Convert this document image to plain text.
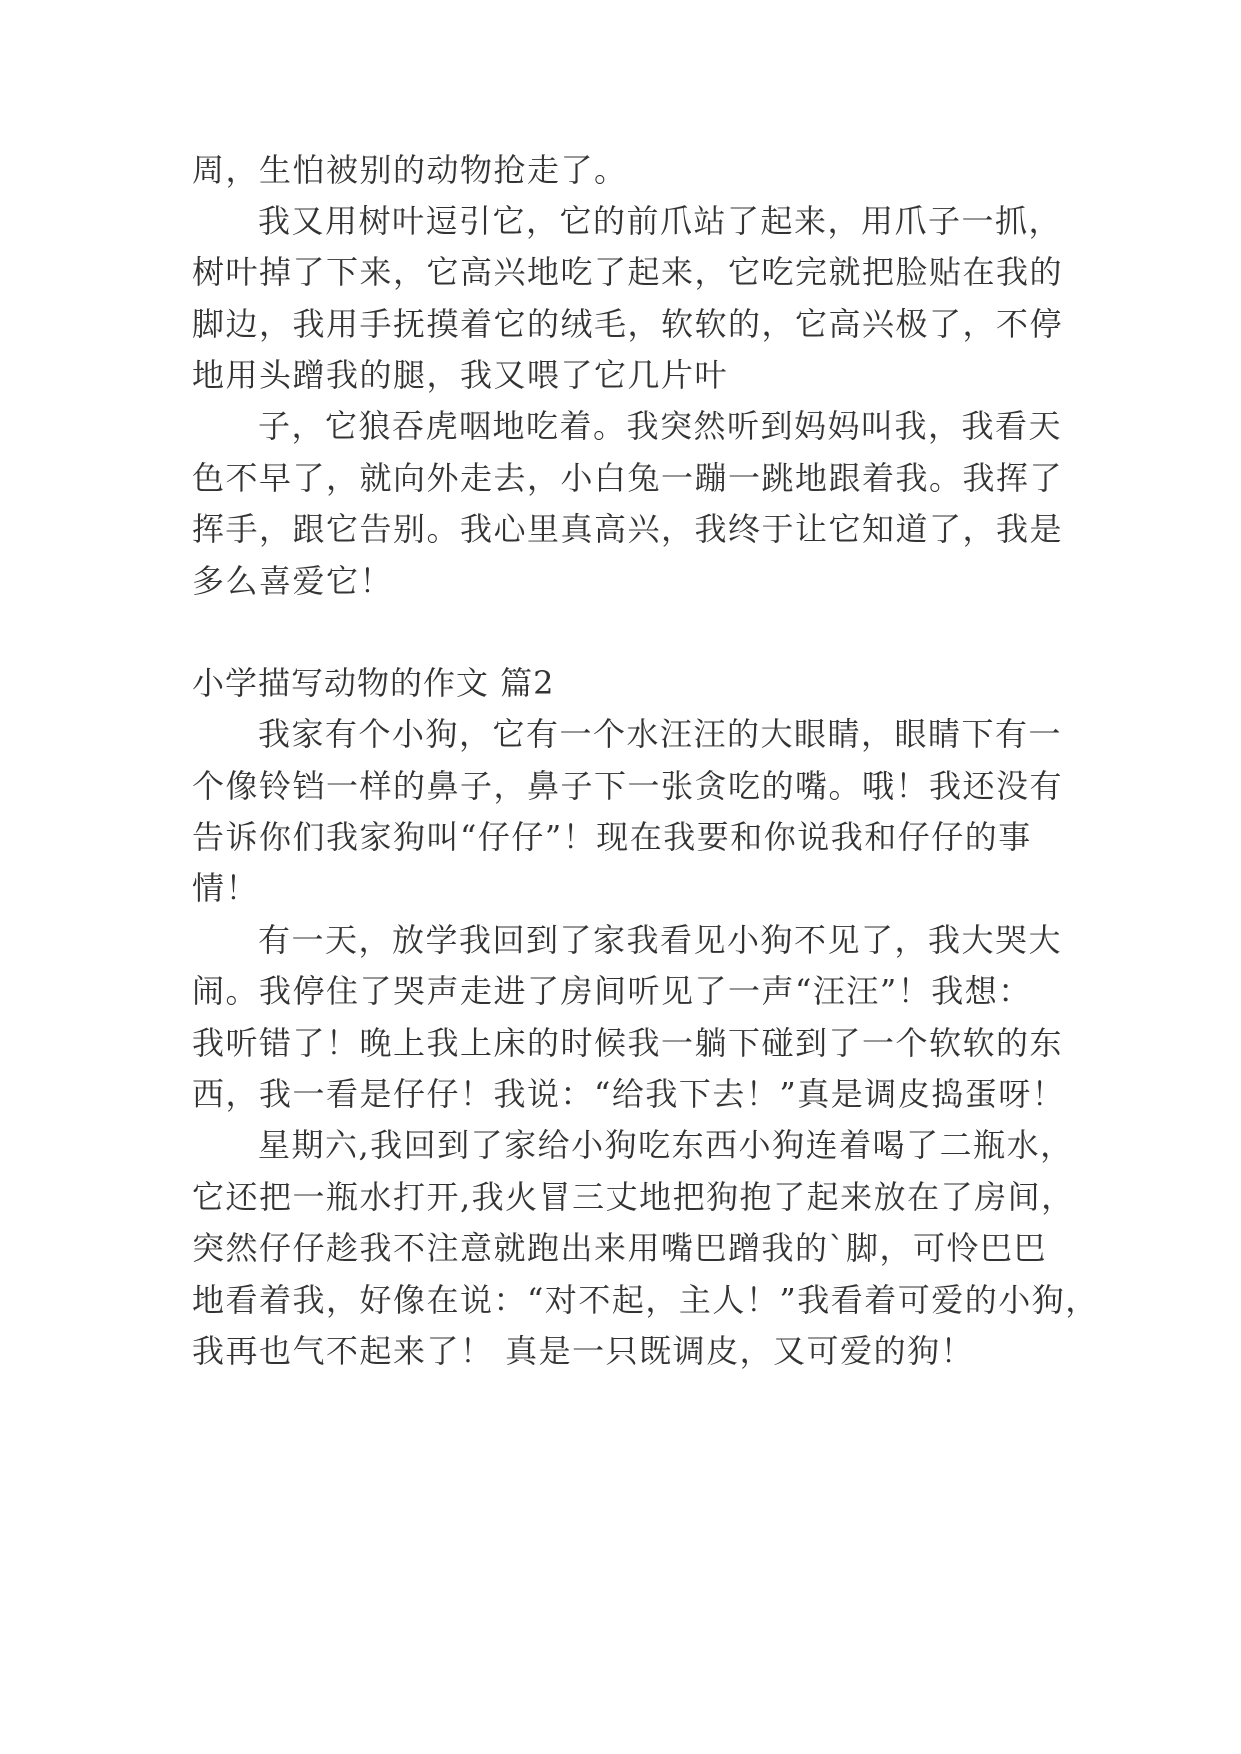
周，生怕被别的动物抢走了。
我又用树叶逗引它，它的前爪站了起来，用爪子一抓，
树叶掉了下来，它高兴地吃了起来，它吃完就把脸贴在我的
脚边，我用手抚摸着它的绒毛，软软的，它高兴极了，不停
地用头蹭我的腿，我又喂了它几片叶
子，它狼吞虎咽地吃着。我突然听到妈妈叫我，我看天
色不早了，就向外走去，小白兔一蹦一跳地跟着我。我挥了
挥手，跟它告别。我心里真高兴，我终于让它知道了，我是
多么喜爱它！
小学描写动物的作文 篇2
我家有个小狗，它有一个水汪汪的大眼睛，眼睛下有一
个像铃铛一样的鼻子，鼻子下一张贪吃的嘴。哦！我还没有
告诉你们我家狗叫“仔仔”！现在我要和你说我和仔仔的事
情！
有一天，放学我回到了家我看见小狗不见了，我大哭大
闹。我停住了哭声走进了房间听见了一声“汪汪”！我想：
我听错了！晚上我上床的时候我一躺下碰到了一个软软的东
西，我一看是仔仔！我说：“给我下去！”真是调皮捣蛋呀！
星期六,我回到了家给小狗吃东西小狗连着喝了二瓶水，
它还把一瓶水打开,我火冒三丈地把狗抱了起来放在了房间，
突然仔仔趁我不注意就跑出来用嘴巴蹭我的`脚，可怜巴巴
地看着我，好像在说：“对不起，主人！”我看着可爱的小狗，
我再也气不起来了！ 真是一只既调皮，又可爱的狗！
